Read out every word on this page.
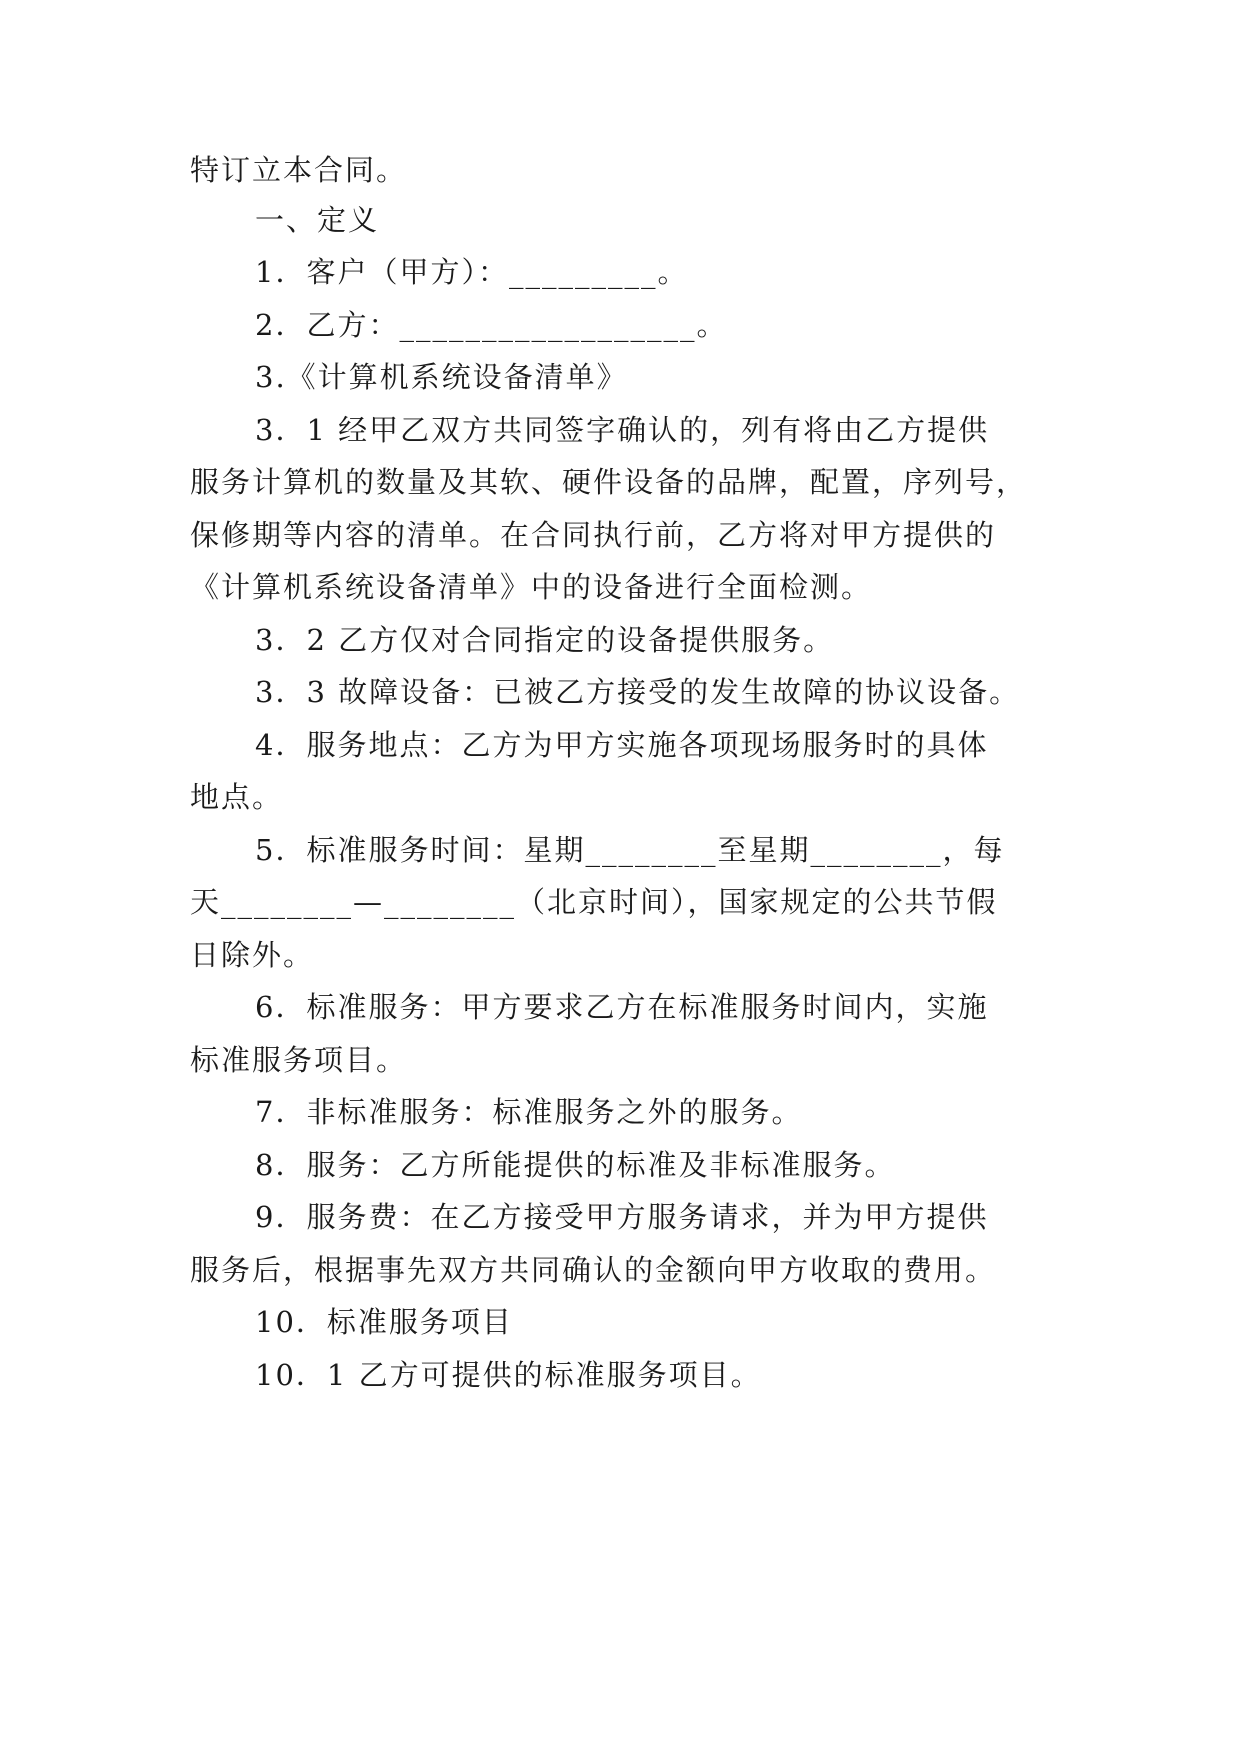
特订立本合同。
一、定义
1．客户（甲方）：_________。
2．乙方：__________________。
3.《计算机系统设备清单》
3．1 经甲乙双方共同签字确认的，列有将由乙方提供
服务计算机的数量及其软、硬件设备的品牌，配置，序列号，
保修期等内容的清单。在合同执行前，乙方将对甲方提供的
《计算机系统设备清单》中的设备进行全面检测。
3．2 乙方仅对合同指定的设备提供服务。
3．3 故障设备：已被乙方接受的发生故障的协议设备。
4．服务地点：乙方为甲方实施各项现场服务时的具体
地点。
5．标准服务时间：星期________至星期________，每
天________—________（北京时间），国家规定的公共节假
日除外。
6．标准服务：甲方要求乙方在标准服务时间内，实施
标准服务项目。
7．非标准服务：标准服务之外的服务。
8．服务：乙方所能提供的标准及非标准服务。
9．服务费：在乙方接受甲方服务请求，并为甲方提供
服务后，根据事先双方共同确认的金额向甲方收取的费用。
10．标准服务项目
10．1 乙方可提供的标准服务项目。
